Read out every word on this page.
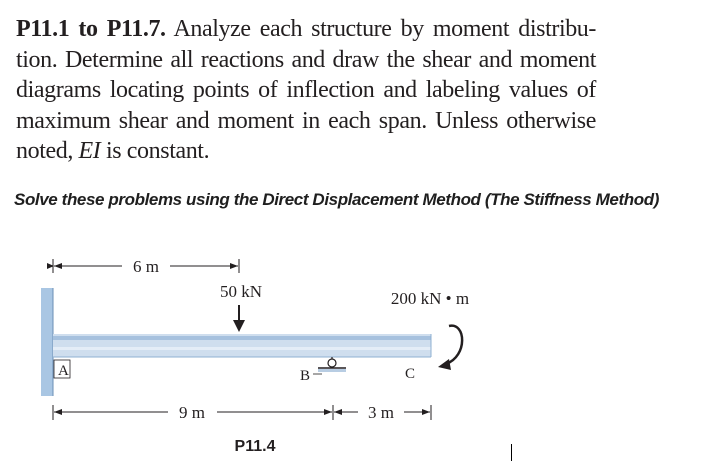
P11.1 to P11.7. Analyze each structure by moment distribu-tion. Determine all reactions and draw the shear and moment diagrams locating points of inflection and labeling values of maximum shear and moment in each span. Unless otherwise noted, EI is constant.
Solve these problems using the Direct Displacement Method (The Stiffness Method)
6 m
50 kN	200 kN • m
A	B	C
9 m	3 m
P11.4
